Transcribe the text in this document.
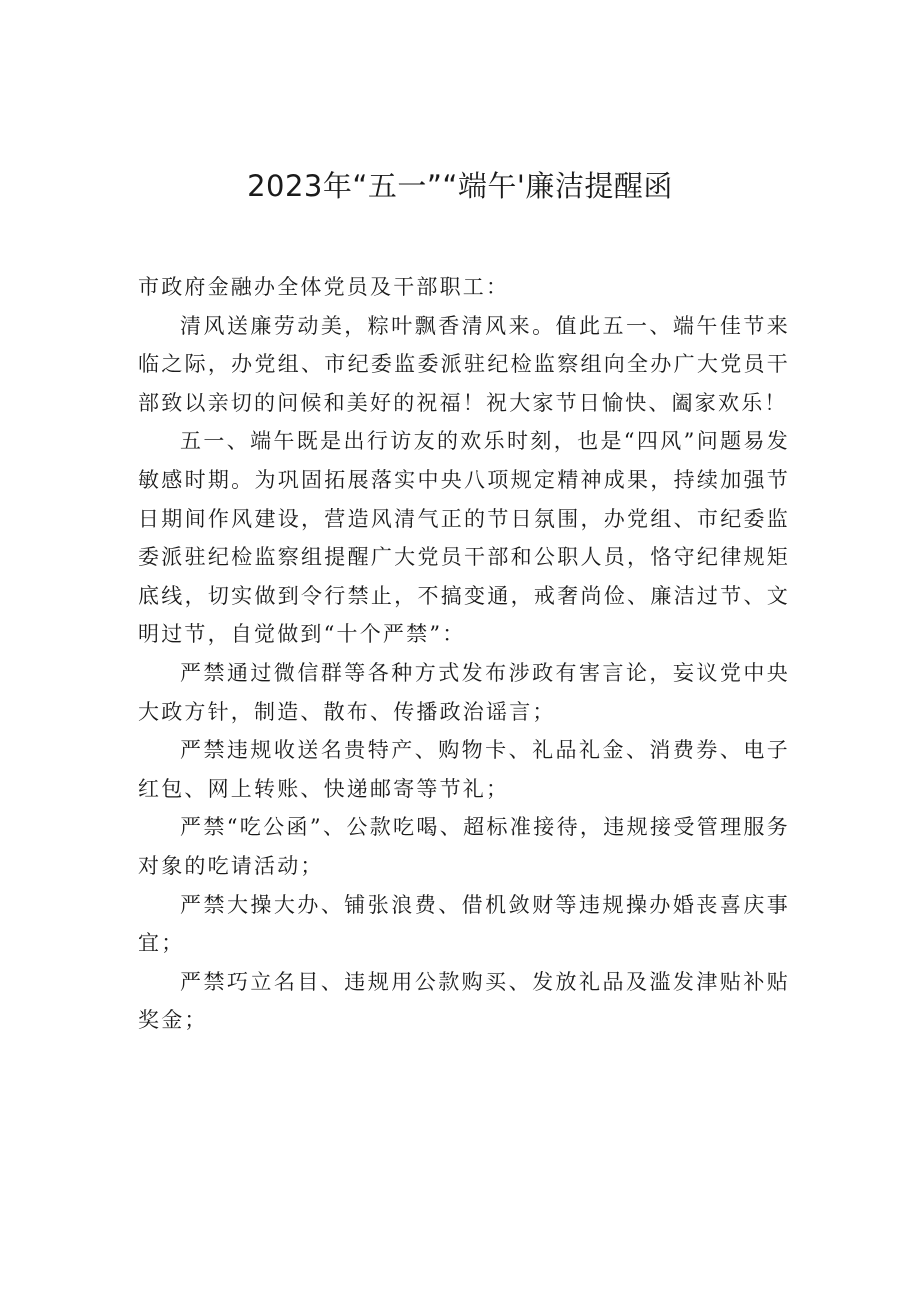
2023年“五一”“端午'廉洁提醒函

市政府金融办全体党员及干部职工：

清风送廉劳动美，粽叶飘香清风来。值此五一、端午佳节来临之际，办党组、市纪委监委派驻纪检监察组向全办广大党员干部致以亲切的问候和美好的祝福！祝大家节日愉快、阖家欢乐！

五一、端午既是出行访友的欢乐时刻，也是“四风”问题易发敏感时期。为巩固拓展落实中央八项规定精神成果，持续加强节日期间作风建设，营造风清气正的节日氛围，办党组、市纪委监委派驻纪检监察组提醒广大党员干部和公职人员，恪守纪律规矩底线，切实做到令行禁止，不搞变通，戒奢尚俭、廉洁过节、文明过节，自觉做到“十个严禁”：

严禁通过微信群等各种方式发布涉政有害言论，妄议党中央大政方针，制造、散布、传播政治谣言；

严禁违规收送名贵特产、购物卡、礼品礼金、消费券、电子红包、网上转账、快递邮寄等节礼；

严禁“吃公函”、公款吃喝、超标准接待，违规接受管理服务对象的吃请活动；

严禁大操大办、铺张浪费、借机敛财等违规操办婚丧喜庆事宜；

严禁巧立名目、违规用公款购买、发放礼品及滥发津贴补贴奖金；
